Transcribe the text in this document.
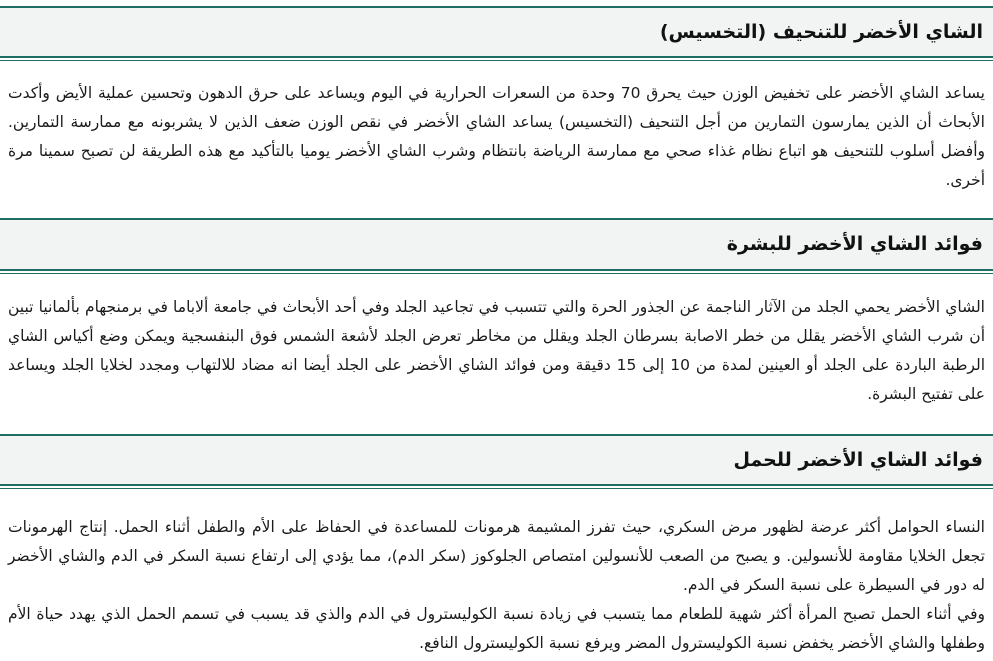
الشاي الأخضر للتنحيف (التخسيس)

يساعد الشاي الأخضر على تخفيض الوزن حيث يحرق 70 وحدة من السعرات الحرارية في اليوم ويساعد على حرق الدهون وتحسين عملية الأيض وأكدت الأبحاث أن الذين يمارسون التمارين من أجل التنحيف (التخسيس) يساعد الشاي الأخضر في نقص الوزن ضعف الذين لا يشربونه مع ممارسة التمارين. وأفضل أسلوب للتنحيف هو اتباع نظام غذاء صحي مع ممارسة الرياضة بانتظام وشرب الشاي الأخضر يوميا بالتأكيد مع هذه الطريقة لن تصبح سمينا مرة أخرى.

فوائد الشاي الأخضر للبشرة

الشاي الأخضر يحمي الجلد من الآثار الناجمة عن الجذور الحرة والتي تتسبب في تجاعيد الجلد وفي أحد الأبحاث في جامعة ألاباما في برمنجهام بألمانيا تبين أن شرب الشاي الأخضر يقلل من خطر الاصابة بسرطان الجلد ويقلل من مخاطر تعرض الجلد لأشعة الشمس فوق البنفسجية ويمكن وضع أكياس الشاي الرطبة الباردة على الجلد أو العينين لمدة من 10 إلى 15 دقيقة ومن فوائد الشاي الأخضر على الجلد أيضا انه مضاد للالتهاب ومجدد لخلايا الجلد ويساعد على تفتيح البشرة.

فوائد الشاي الأخضر للحمل

النساء الحوامل أكثر عرضة لظهور مرض السكري، حيث تفرز المشيمة هرمونات للمساعدة في الحفاظ على الأم والطفل أثناء الحمل. إنتاج الهرمونات تجعل الخلايا مقاومة للأنسولين. و يصبح من الصعب للأنسولين امتصاص الجلوكوز (سكر الدم)، مما يؤدي إلى ارتفاع نسبة السكر في الدم والشاي الأخضر له دور في السيطرة على نسبة السكر في الدم.

وفي أثناء الحمل تصبح المرأة أكثر شهية للطعام مما يتسبب في زيادة نسبة الكوليسترول في الدم والذي قد يسبب في تسمم الحمل الذي يهدد حياة الأم وطفلها والشاي الأخضر يخفض نسبة الكوليسترول المضر ويرفع نسبة الكوليسترول النافع.
